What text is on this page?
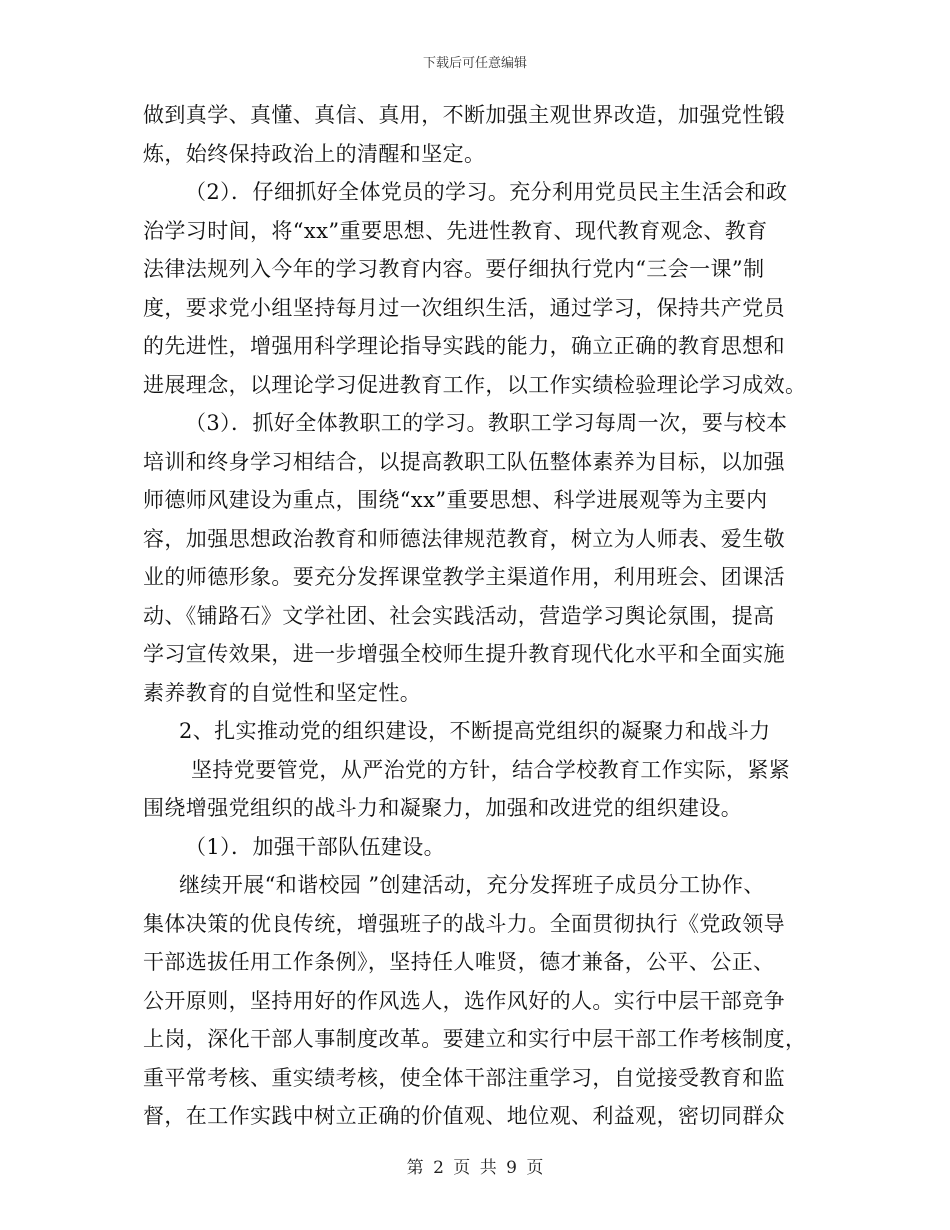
下载后可任意编辑
做到真学、真懂、真信、真用，不断加强主观世界改造，加强党性锻
炼，始终保持政治上的清醒和坚定。
（2）．仔细抓好全体党员的学习。充分利用党员民主生活会和政
治学习时间，将“xx”重要思想、先进性教育、现代教育观念、教育
法律法规列入今年的学习教育内容。要仔细执行党内“三会一课”制
度，要求党小组坚持每月过一次组织生活，通过学习，保持共产党员
的先进性，增强用科学理论指导实践的能力，确立正确的教育思想和
进展理念，以理论学习促进教育工作，以工作实绩检验理论学习成效。
（3）．抓好全体教职工的学习。教职工学习每周一次，要与校本
培训和终身学习相结合，以提高教职工队伍整体素养为目标，以加强
师德师风建设为重点，围绕“xx”重要思想、科学进展观等为主要内
容，加强思想政治教育和师德法律规范教育，树立为人师表、爱生敬
业的师德形象。要充分发挥课堂教学主渠道作用，利用班会、团课活
动、《铺路石》文学社团、社会实践活动，营造学习舆论氛围，提高
学习宣传效果，进一步增强全校师生提升教育现代化水平和全面实施
素养教育的自觉性和坚定性。
2、扎实推动党的组织建设，不断提高党组织的凝聚力和战斗力
坚持党要管党，从严治党的方针，结合学校教育工作实际，紧紧
围绕增强党组织的战斗力和凝聚力，加强和改进党的组织建设。
（1）．加强干部队伍建设。
继续开展“和谐校园 ”创建活动，充分发挥班子成员分工协作、
集体决策的优良传统，增强班子的战斗力。全面贯彻执行《党政领导
干部选拔任用工作条例》，坚持任人唯贤，德才兼备，公平、公正、
公开原则，坚持用好的作风选人，选作风好的人。实行中层干部竞争
上岗，深化干部人事制度改革。要建立和实行中层干部工作考核制度，
重平常考核、重实绩考核，使全体干部注重学习，自觉接受教育和监
督，在工作实践中树立正确的价值观、地位观、利益观，密切同群众
第 2 页 共 9 页
